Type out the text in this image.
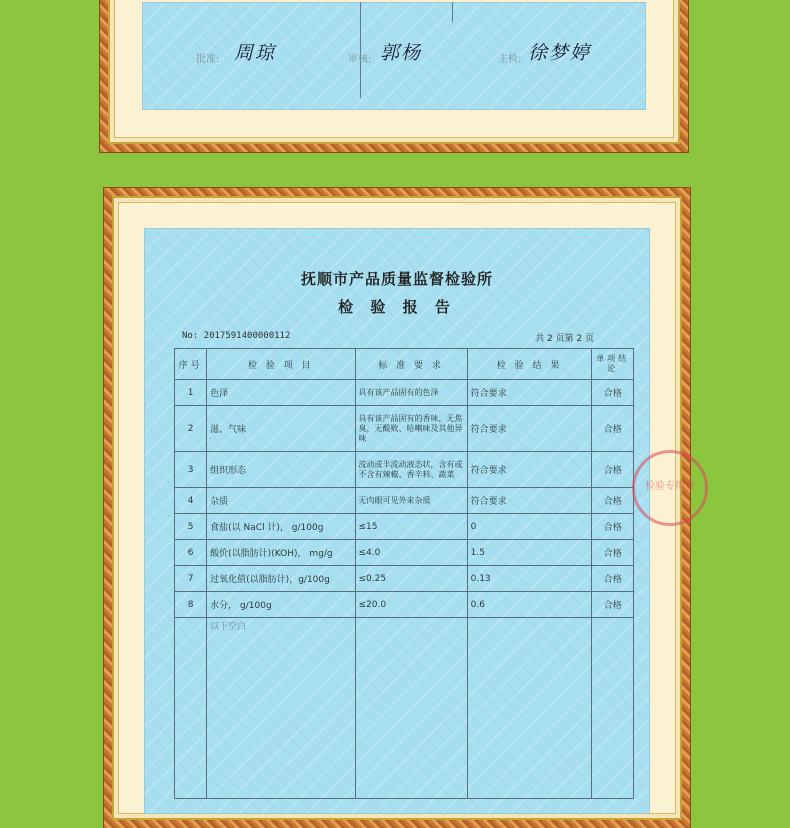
批准: 周琼	审核: 郭杨	主检: 徐梦婷
抚顺市产品质量监督检验所
检 验 报 告
No: 2017591400000112	共 2 页第 2 页
序号	检 验 项 目	标 准 要 求	检 验 结 果	单项结论
1	色泽	具有该产品固有的色泽	符合要求	合格
2	滋、气味	具有该产品固有的香味，无焦臭，无酸败、哈喇味及其他异味	符合要求	合格
3	组织形态	流动或半流动液态状，含有或不含有辣椒、香辛料、蔬菜	符合要求	合格
4	杂质	无肉眼可见外来杂质	符合要求	合格
5	食盐(以 NaCl 计)， g/100g	≤15	0	合格
6	酸价(以脂肪计)(KOH)， mg/g	≤4.0	1.5	合格
7	过氧化值(以脂肪计)，g/100g	≤0.25	0.13	合格
8	水分， g/100g	≤20.0	0.6	合格
	以下空白			
检验专用章
